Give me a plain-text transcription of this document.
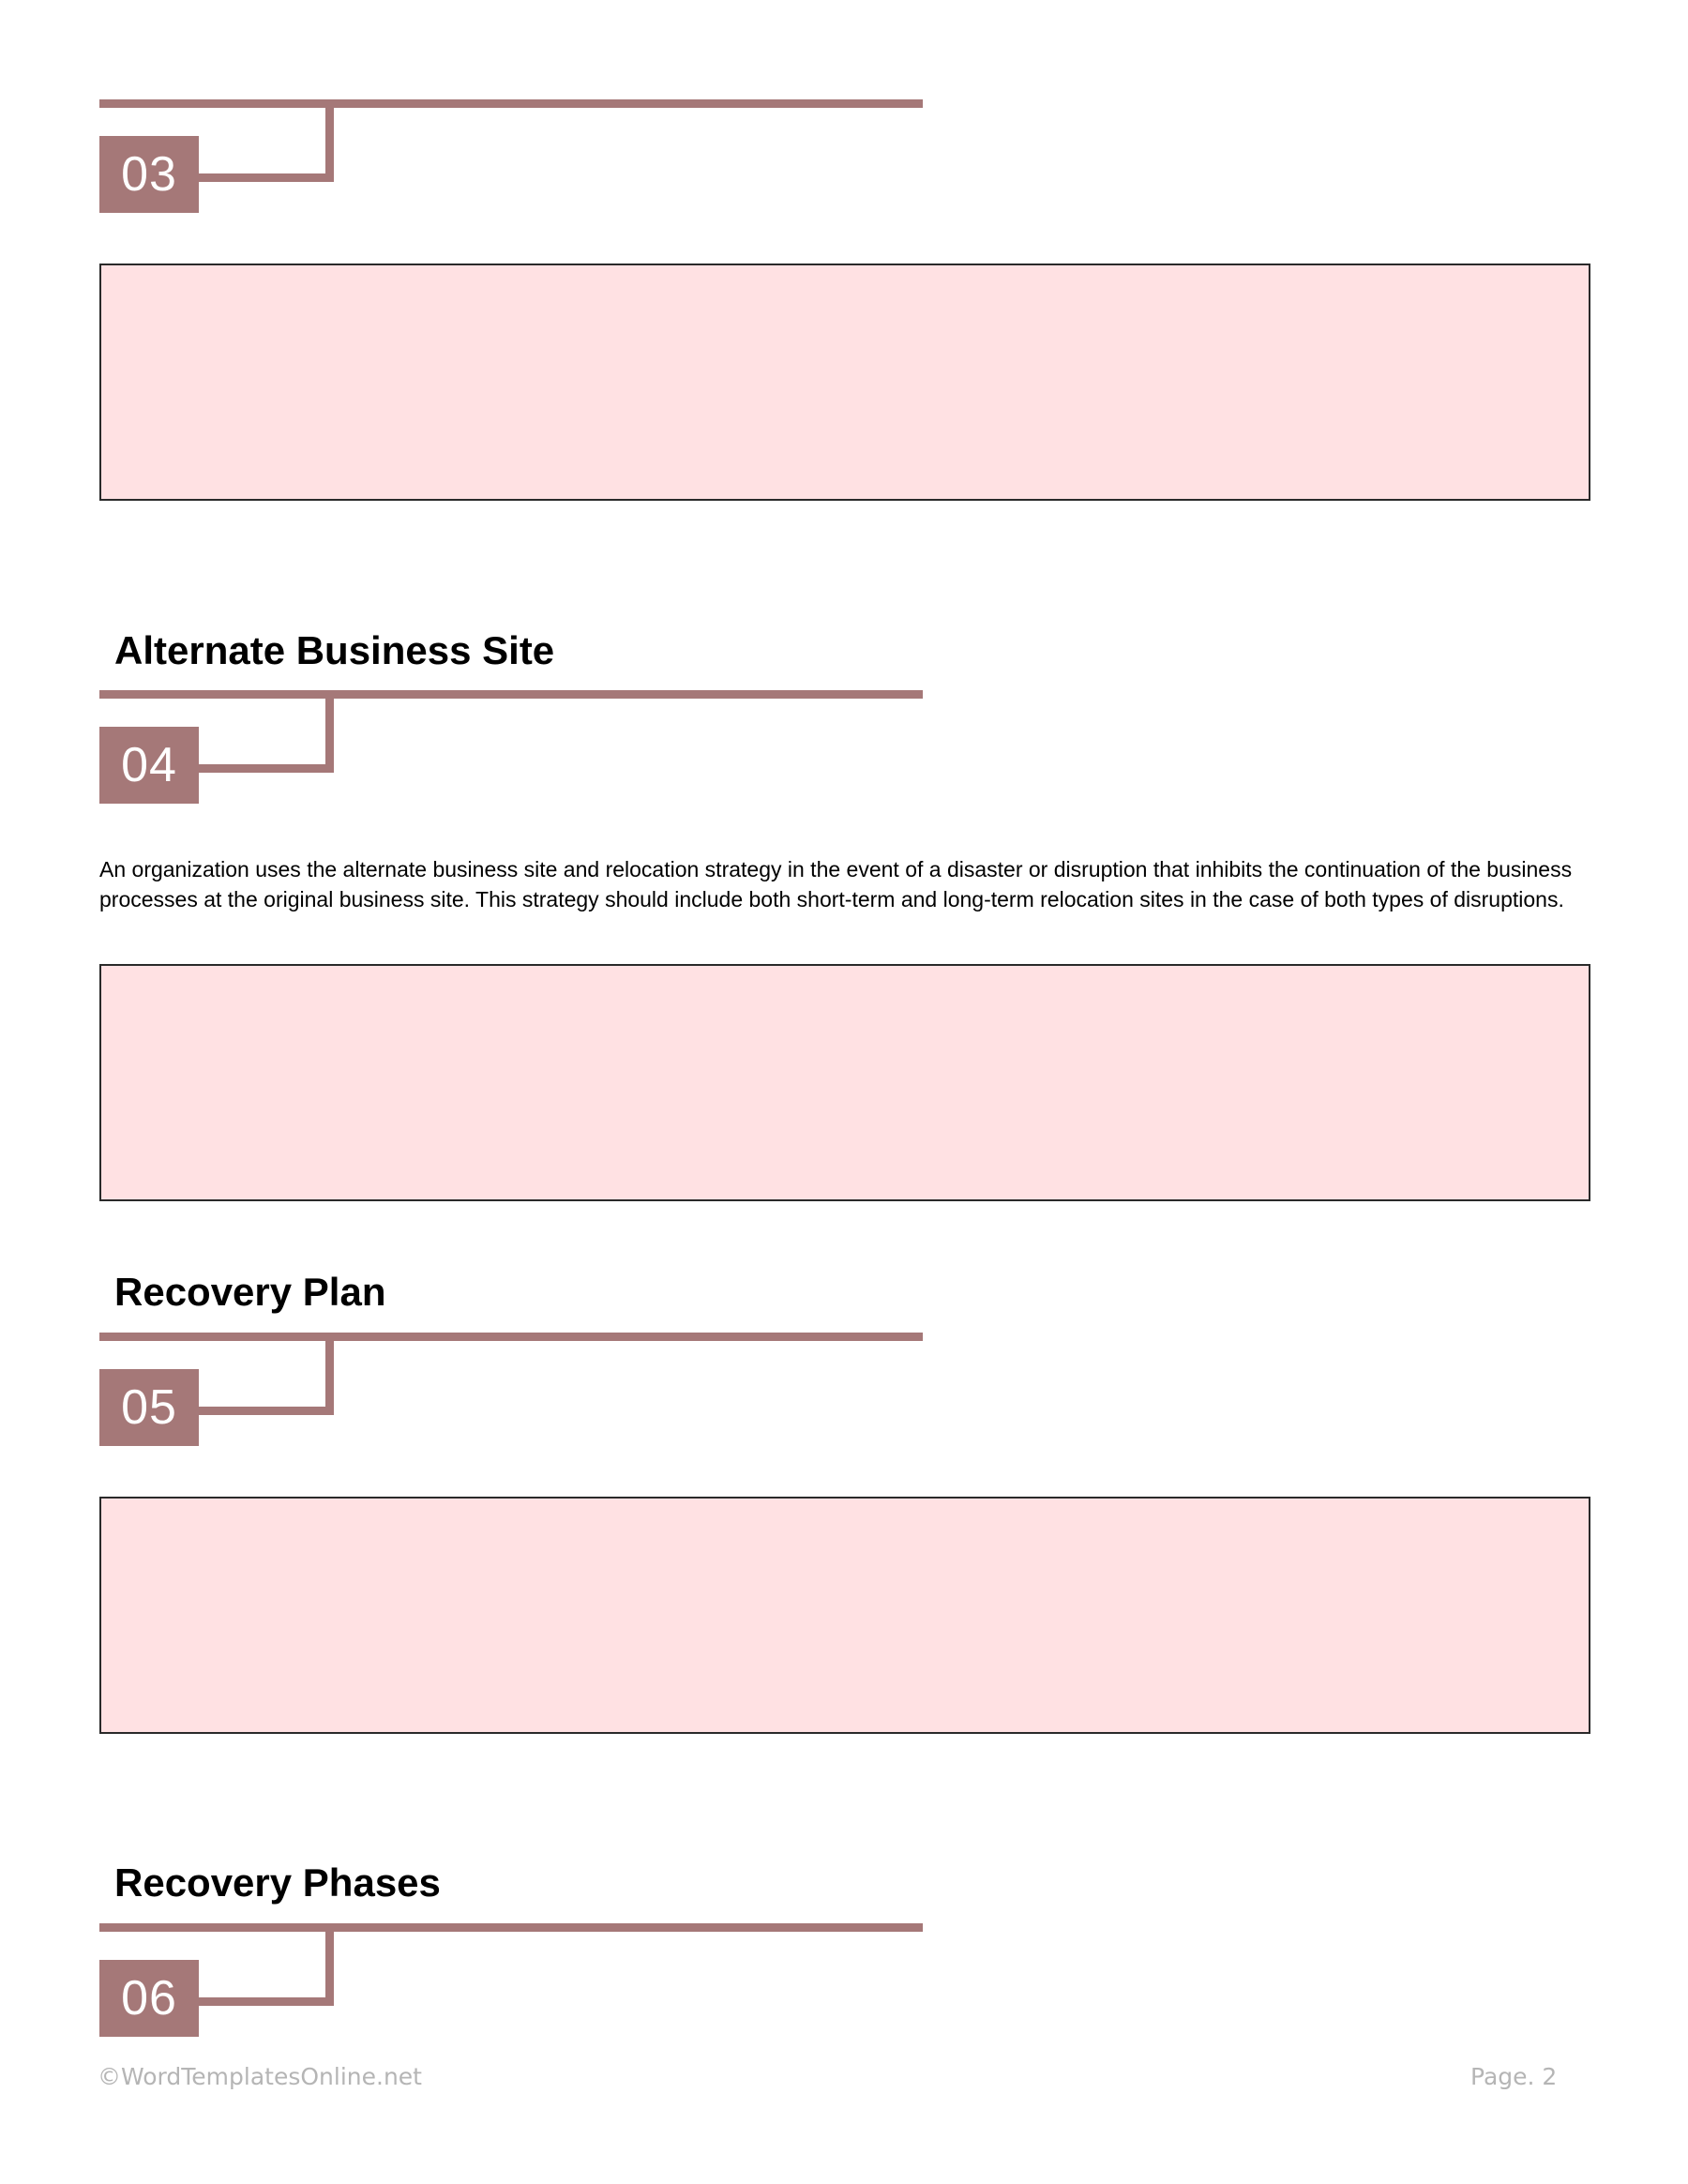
03
Alternate Business Site
04

An organization uses the alternate business site and relocation strategy in the event of a disaster or disruption that inhibits the continuation of the business processes at the original business site. This strategy should include both short-term and long-term relocation sites in the case of both types of disruptions.

Recovery Plan
05
Recovery Phases
06
©WordTemplatesOnline.net	Page. 2
